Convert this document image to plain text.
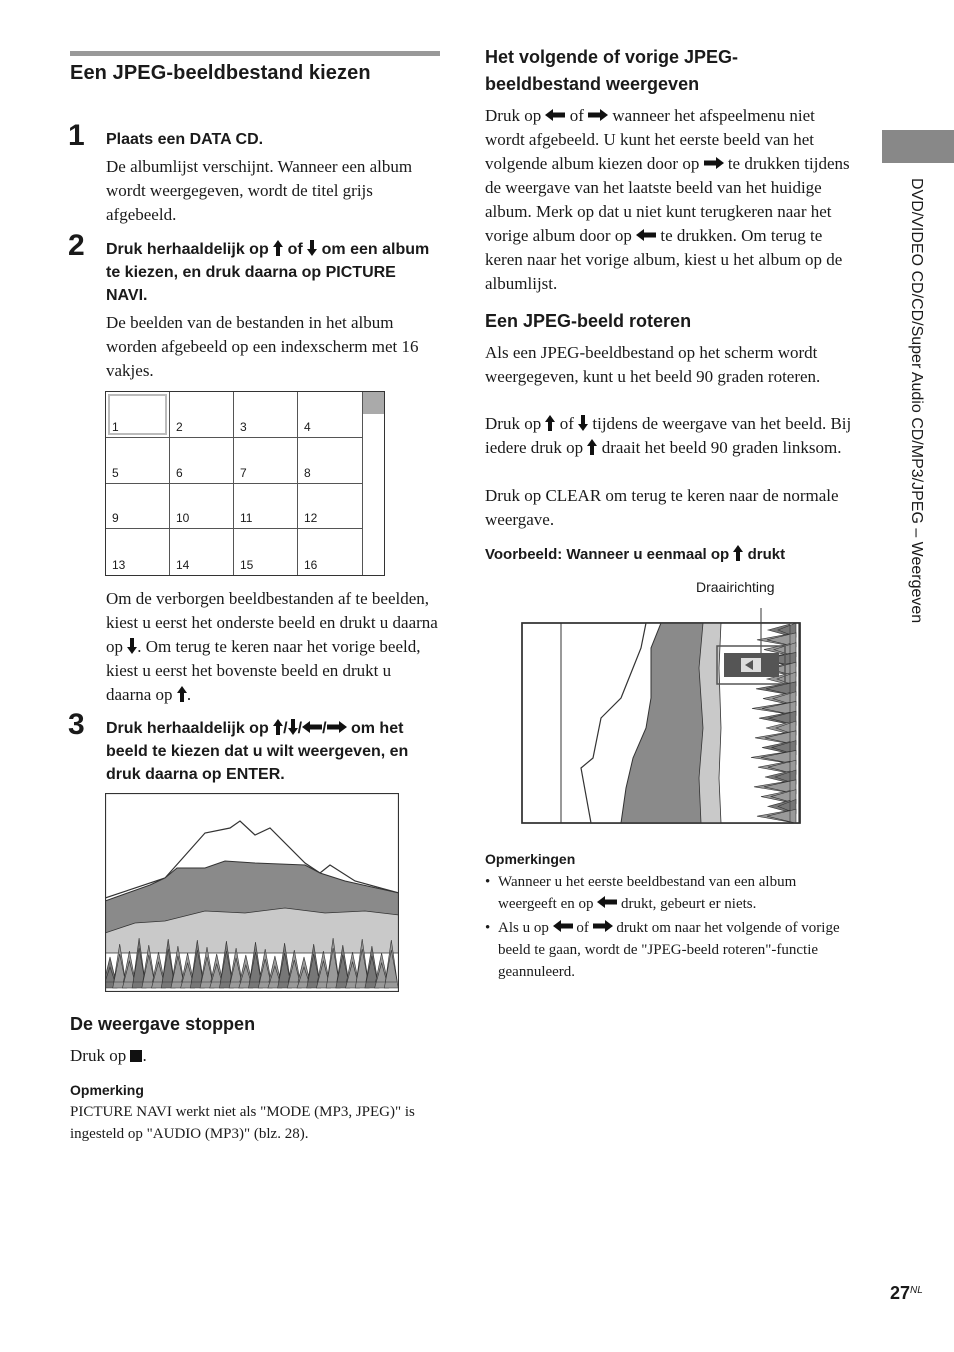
Een JPEG-beeldbestand kiezen
1 Plaats een DATA CD.
De albumlijst verschijnt. Wanneer een album wordt weergegeven, wordt de titel grijs afgebeeld.
2 Druk herhaaldelijk op of om een album te kiezen, en druk daarna op PICTURE NAVI.
De beelden van de bestanden in het album worden afgebeeld op een indexscherm met 16 vakjes.
1	2	3	4
5	6	7	8
9	10	11	12
13	14	15	16
Om de verborgen beeldbestanden af te beelden, kiest u eerst het onderste beeld en drukt u daarna op . Om terug te keren naar het vorige beeld, kiest u eerst het bovenste beeld en drukt u daarna op .
3 Druk herhaaldelijk op / / / om het beeld te kiezen dat u wilt weergeven, en druk daarna op ENTER.
De weergave stoppen
Druk op .
Opmerking
PICTURE NAVI werkt niet als "MODE (MP3, JPEG)" is ingesteld op "AUDIO (MP3)" (blz. 28).
Het volgende of vorige JPEG-beeldbestand weergeven
Druk op of wanneer het afspeelmenu niet wordt afgebeeld. U kunt het eerste beeld van het volgende album kiezen door op te drukken tijdens de weergave van het laatste beeld van het huidige album. Merk op dat u niet kunt terugkeren naar het vorige album door op te drukken. Om terug te keren naar het vorige album, kiest u het album op de albumlijst.
Een JPEG-beeld roteren
Als een JPEG-beeldbestand op het scherm wordt weergegeven, kunt u het beeld 90 graden roteren.
Druk op of tijdens de weergave van het beeld. Bij iedere druk op draait het beeld 90 graden linksom.
Druk op CLEAR om terug te keren naar de normale weergave.
Voorbeeld: Wanneer u eenmaal op drukt
Draairichting
Opmerkingen
• Wanneer u het eerste beeldbestand van een album weergeeft en op drukt, gebeurt er niets.
• Als u op of drukt om naar het volgende of vorige beeld te gaan, wordt de "JPEG-beeld roteren"-functie geannuleerd.
DVD/VIDEO CD/CD/Super Audio CD/MP3/JPEG – Weergeven
$27^{NL}$
